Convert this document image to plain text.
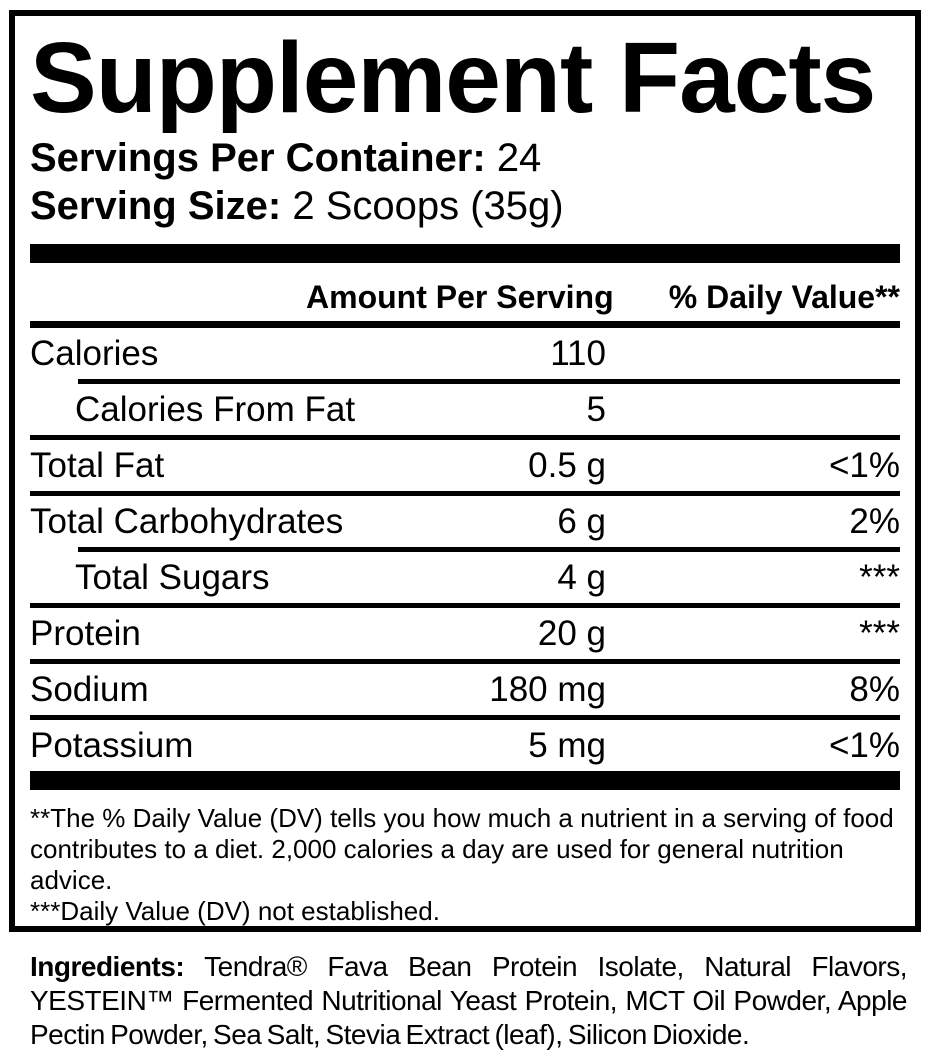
Supplement Facts
Servings Per Container: 24
Serving Size: 2 Scoops (35g)
Amount Per Serving	% Daily Value**
Calories	110
Calories From Fat	5
Total Fat	0.5 g	<1%
Total Carbohydrates	6 g	2%
Total Sugars	4 g	***
Protein	20 g	***
Sodium	180 mg	8%
Potassium	5 mg	<1%

**The % Daily Value (DV) tells you how much a nutrient in a serving of food contributes to a diet. 2,000 calories a day are used for general nutrition advice.

***Daily Value (DV) not established.

Ingredients: Tendra® Fava Bean Protein Isolate, Natural Flavors, YESTEIN™ Fermented Nutritional Yeast Protein, MCT Oil Powder, Apple Pectin Powder, Sea Salt, Stevia Extract (leaf), Silicon Dioxide.
